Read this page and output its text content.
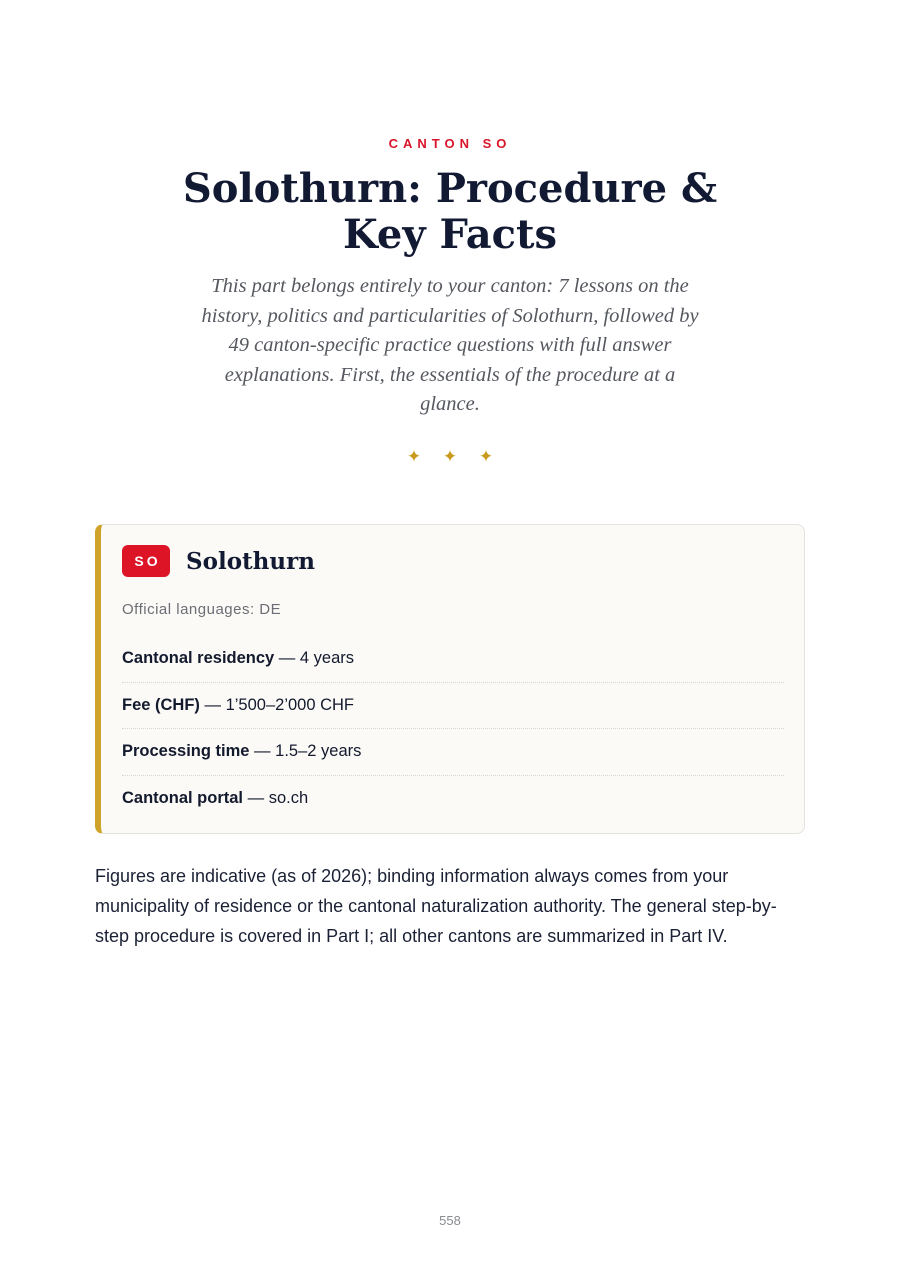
CANTON SO
Solothurn: Procedure & Key Facts

This part belongs entirely to your canton: 7 lessons on the history, politics and particularities of Solothurn, followed by 49 canton-specific practice questions with full answer explanations. First, the essentials of the procedure at a glance.

✦ ✦ ✦
SO	Solothurn
Official languages: DE
Cantonal residency — 4 years
Fee (CHF) — 1’500–2’000 CHF
Processing time — 1.5–2 years
Cantonal portal — so.ch

Figures are indicative (as of 2026); binding information always comes from your municipality of residence or the cantonal naturalization authority. The general step-by-step procedure is covered in Part I; all other cantons are summarized in Part IV.

558
